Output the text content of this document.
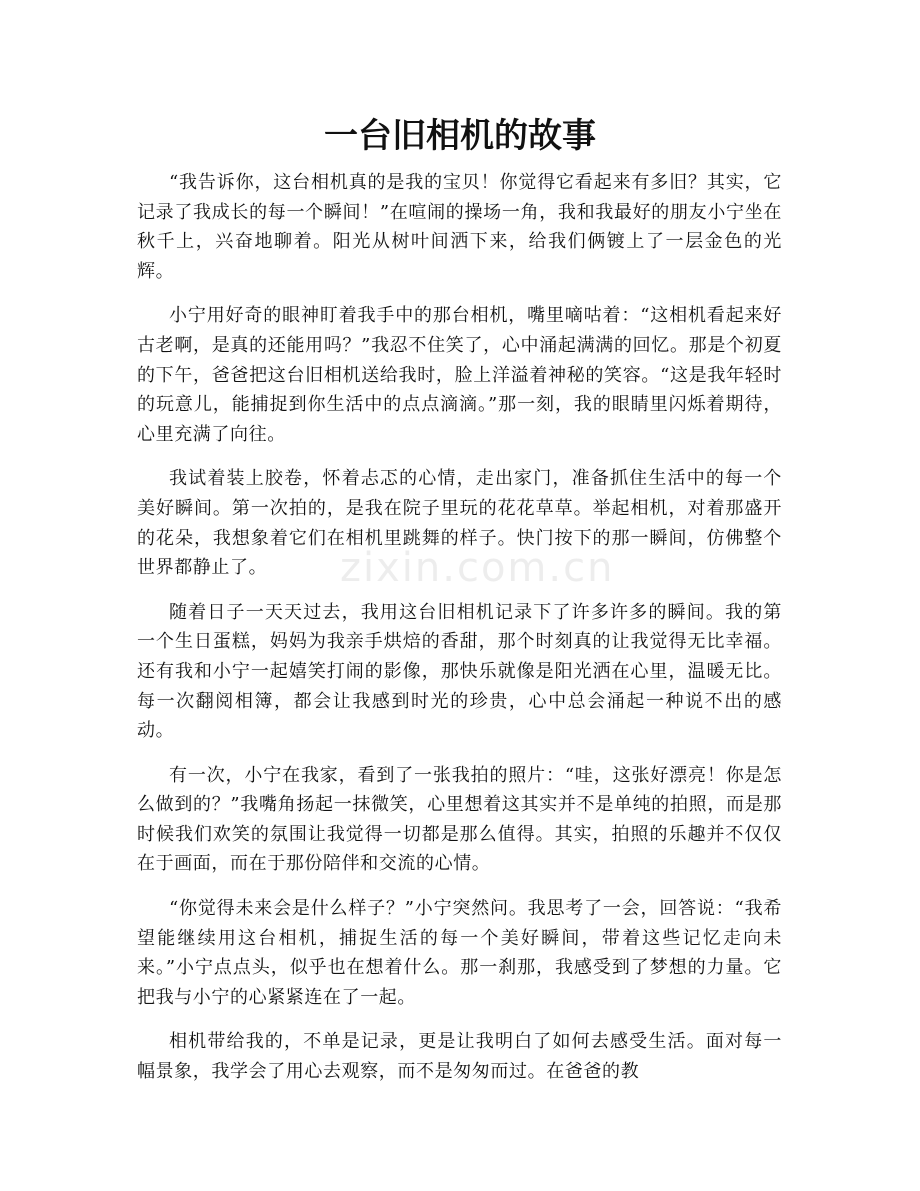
一台旧相机的故事
zixin.com.cn

“我告诉你，这台相机真的是我的宝贝！你觉得它看起来有多旧？其实，它记录了我成长的每一个瞬间！”在喧闹的操场一角，我和我最好的朋友小宁坐在秋千上，兴奋地聊着。阳光从树叶间洒下来，给我们俩镀上了一层金色的光辉。

小宁用好奇的眼神盯着我手中的那台相机，嘴里嘀咕着：“这相机看起来好古老啊，是真的还能用吗？”我忍不住笑了，心中涌起满满的回忆。那是个初夏的下午，爸爸把这台旧相机送给我时，脸上洋溢着神秘的笑容。“这是我年轻时的玩意儿，能捕捉到你生活中的点点滴滴。”那一刻，我的眼睛里闪烁着期待，心里充满了向往。

我试着装上胶卷，怀着忐忑的心情，走出家门，准备抓住生活中的每一个美好瞬间。第一次拍的，是我在院子里玩的花花草草。举起相机，对着那盛开的花朵，我想象着它们在相机里跳舞的样子。快门按下的那一瞬间，仿佛整个世界都静止了。

随着日子一天天过去，我用这台旧相机记录下了许多许多的瞬间。我的第一个生日蛋糕，妈妈为我亲手烘焙的香甜，那个时刻真的让我觉得无比幸福。还有我和小宁一起嬉笑打闹的影像，那快乐就像是阳光洒在心里，温暖无比。每一次翻阅相簿，都会让我感到时光的珍贵，心中总会涌起一种说不出的感动。

有一次，小宁在我家，看到了一张我拍的照片：“哇，这张好漂亮！你是怎么做到的？”我嘴角扬起一抹微笑，心里想着这其实并不是单纯的拍照，而是那时候我们欢笑的氛围让我觉得一切都是那么值得。其实，拍照的乐趣并不仅仅在于画面，而在于那份陪伴和交流的心情。

“你觉得未来会是什么样子？”小宁突然问。我思考了一会，回答说：“我希望能继续用这台相机，捕捉生活的每一个美好瞬间，带着这些记忆走向未来。”小宁点点头，似乎也在想着什么。那一刹那，我感受到了梦想的力量。它把我与小宁的心紧紧连在了一起。

相机带给我的，不单是记录，更是让我明白了如何去感受生活。面对每一幅景象，我学会了用心去观察，而不是匆匆而过。在爸爸的教
